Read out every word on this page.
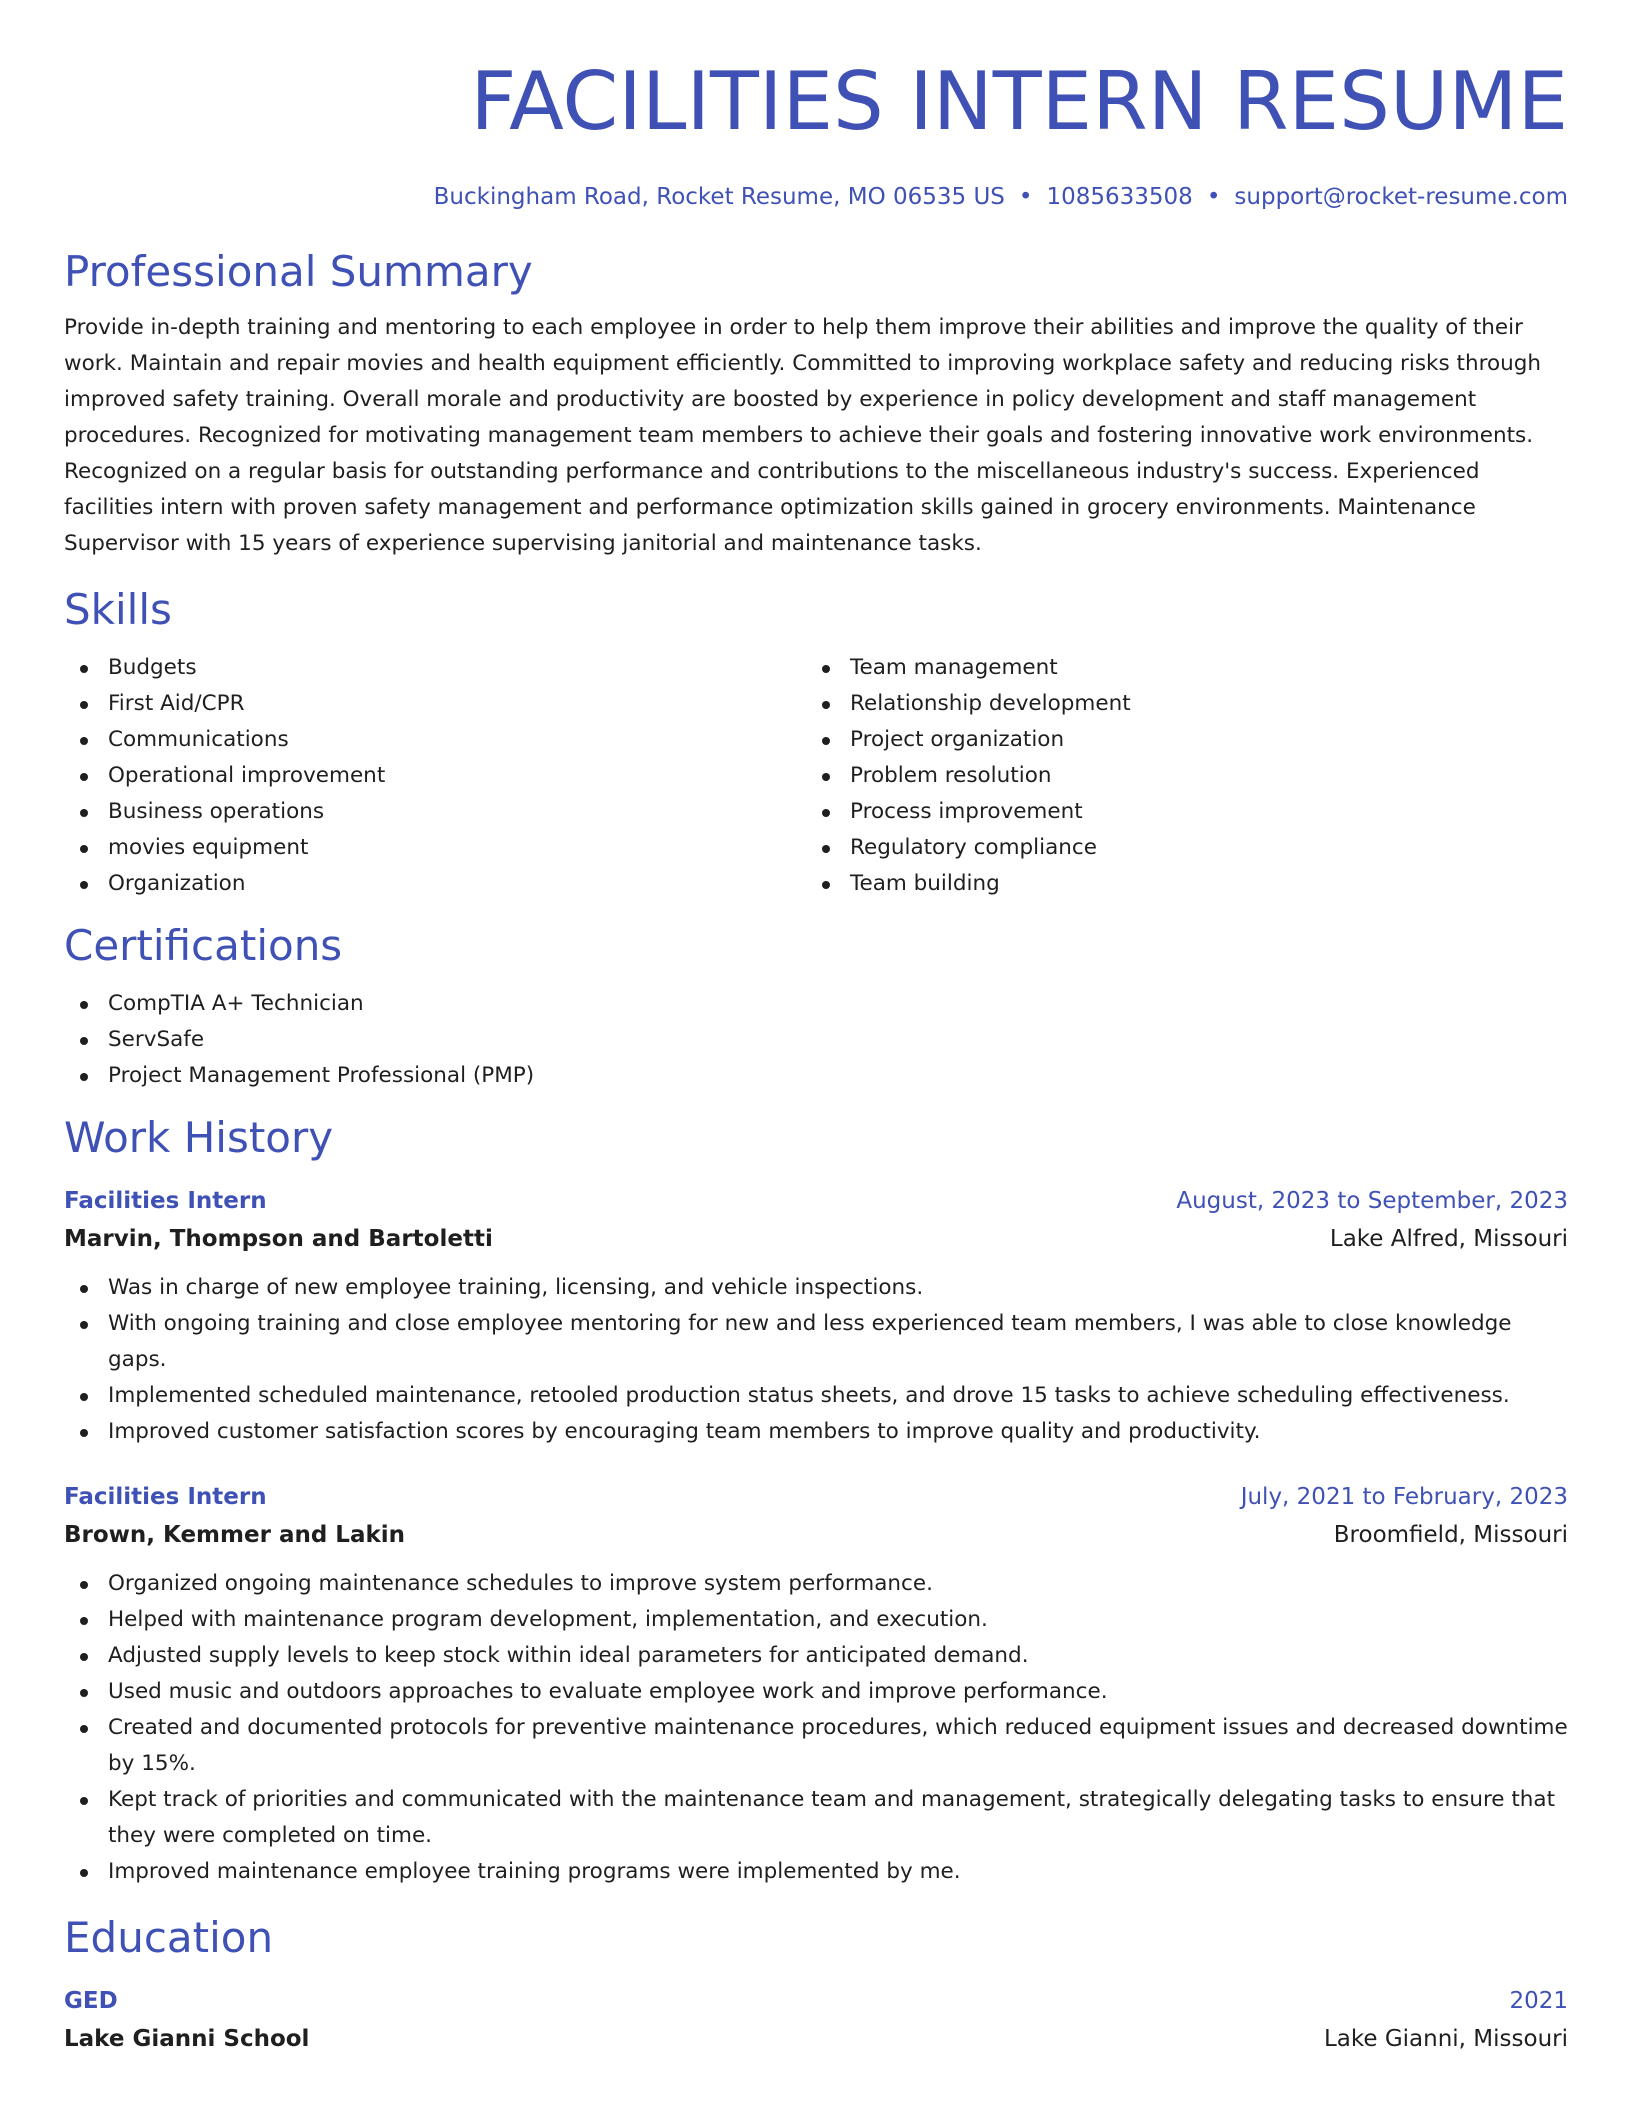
FACILITIES INTERN RESUME
Buckingham Road, Rocket Resume, MO 06535 US • 1085633508 • support@rocket-resume.com
Professional Summary
Provide in-depth training and mentoring to each employee in order to help them improve their abilities and improve the quality of their work. Maintain and repair movies and health equipment efficiently. Committed to improving workplace safety and reducing risks through improved safety training. Overall morale and productivity are boosted by experience in policy development and staff management procedures. Recognized for motivating management team members to achieve their goals and fostering innovative work environments. Recognized on a regular basis for outstanding performance and contributions to the miscellaneous industry's success. Experienced facilities intern with proven safety management and performance optimization skills gained in grocery environments. Maintenance Supervisor with 15 years of experience supervising janitorial and maintenance tasks.
Skills
Budgets
First Aid/CPR
Communications
Operational improvement
Business operations
movies equipment
Organization
Team management
Relationship development
Project organization
Problem resolution
Process improvement
Regulatory compliance
Team building
Certifications
CompTIA A+ Technician
ServSafe
Project Management Professional (PMP)
Work History
Facilities Intern	August, 2023 to September, 2023
Marvin, Thompson and Bartoletti	Lake Alfred, Missouri
Was in charge of new employee training, licensing, and vehicle inspections.
With ongoing training and close employee mentoring for new and less experienced team members, I was able to close knowledge gaps.
Implemented scheduled maintenance, retooled production status sheets, and drove 15 tasks to achieve scheduling effectiveness.
Improved customer satisfaction scores by encouraging team members to improve quality and productivity.
Facilities Intern	July, 2021 to February, 2023
Brown, Kemmer and Lakin	Broomfield, Missouri
Organized ongoing maintenance schedules to improve system performance.
Helped with maintenance program development, implementation, and execution.
Adjusted supply levels to keep stock within ideal parameters for anticipated demand.
Used music and outdoors approaches to evaluate employee work and improve performance.
Created and documented protocols for preventive maintenance procedures, which reduced equipment issues and decreased downtime by 15%.
Kept track of priorities and communicated with the maintenance team and management, strategically delegating tasks to ensure that they were completed on time.
Improved maintenance employee training programs were implemented by me.
Education
GED	2021
Lake Gianni School	Lake Gianni, Missouri
